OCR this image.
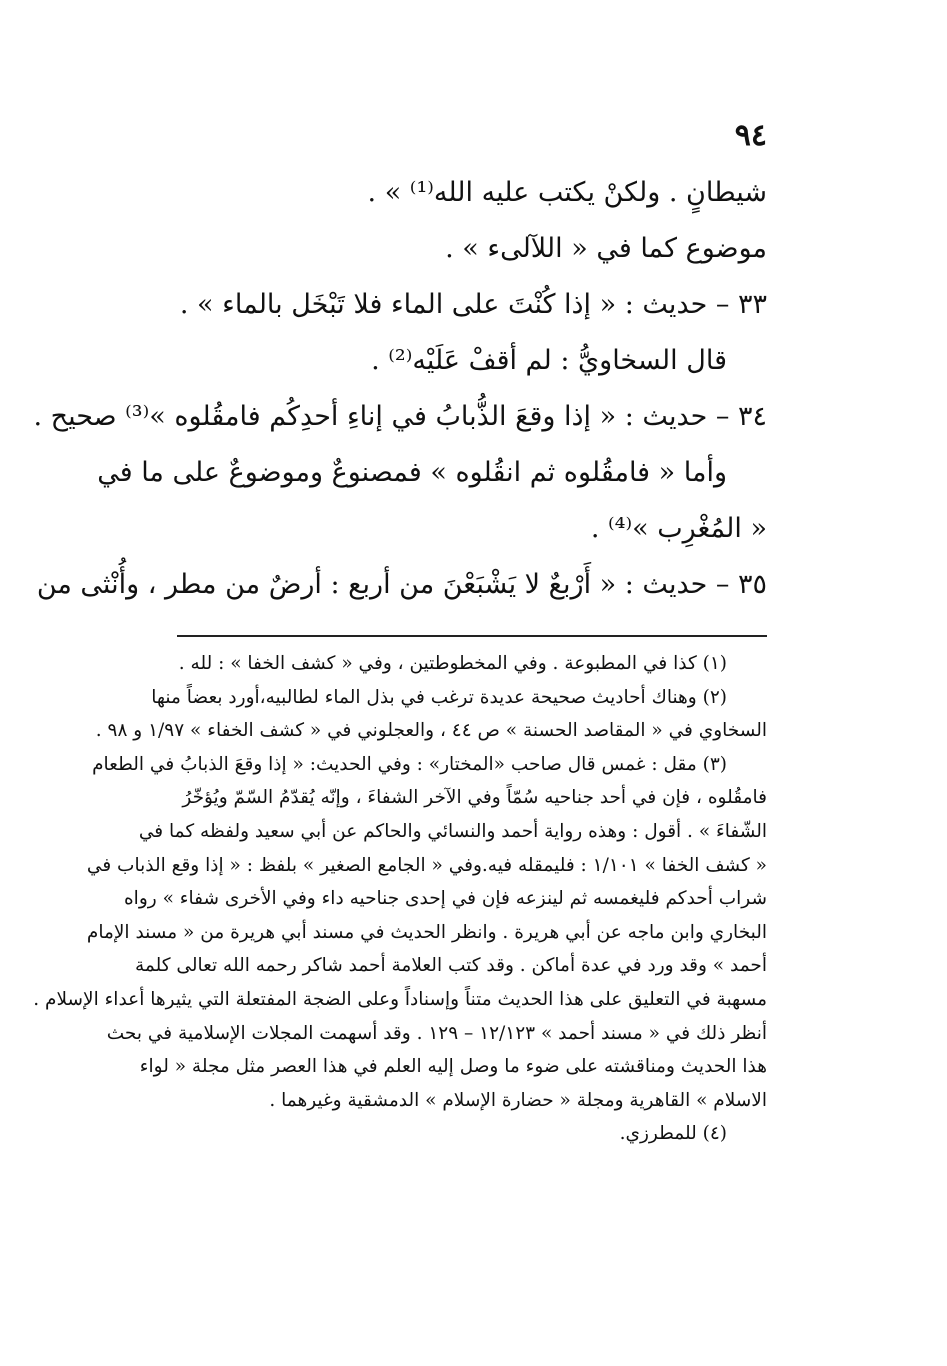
٩٤
شيطانٍ . ولكنْ يكتب عليه الله⁽¹⁾ » .
موضوع كما في « اللآلىء » .
٣٣ – حديث : « إذا كُنْتَ على الماء فلا تَبْخَل بالماء » .
قال السخاويُّ : لم أقفْ عَلَيْه⁽²⁾ .
٣٤ – حديث : « إذا وقعَ الذُّبابُ في إناءِ أحدِكُم فامقُلوه »⁽³⁾ صحيح .
وأما « فامقُلوه ثم انقُلوه » فمصنوعٌ وموضوعٌ على ما في
« المُغْرِب »⁽⁴⁾ .
٣٥ – حديث : « أَرْبعٌ لا يَشْبَعْنَ من أربع : أرضٌ من مطر ، وأُنْثى من
(١) كذا في المطبوعة . وفي المخطوطتين ، وفي « كشف الخفا » : لله .
(٢) وهناك أحاديث صحيحة عديدة ترغب في بذل الماء لطالبيه،أورد بعضاً منها
السخاوي في « المقاصد الحسنة » ص ٤٤ ، والعجلوني في « كشف الخفاء » ١/٩٧ و ٩٨ .
(٣) مقل : غمس قال صاحب «المختار» : وفي الحديث: « إذا وقعَ الذبابُ في الطعام
فامقُلوه ، فإن في أحد جناحيه سُمّاً وفي الآخر الشفاءَ ، وإنّه يُقدّمُ السّمّ ويُؤخّرُ
الشّفاءَ » . أقول : وهذه رواية أحمد والنسائي والحاكم عن أبي سعيد ولفظه كما في
« كشف الخفا » ١/١٠١ : فليمقله فيه.وفي « الجامع الصغير » بلفظ : « إذا وقع الذباب في
شراب أحدكم فليغمسه ثم لينزعه فإن في إحدى جناحيه داء وفي الأخرى شفاء » رواه
البخاري وابن ماجه عن أبي هريرة . وانظر الحديث في مسند أبي هريرة من « مسند الإمام
أحمد » وقد ورد في عدة أماكن . وقد كتب العلامة أحمد شاكر رحمه الله تعالى كلمة
مسهبة في التعليق على هذا الحديث متناً وإسناداً وعلى الضجة المفتعلة التي يثيرها أعداء الإسلام .
أنظر ذلك في « مسند أحمد » ١٢/١٢٣ – ١٢٩ . وقد أسهمت المجلات الإسلامية في بحث
هذا الحديث ومناقشته على ضوء ما وصل إليه العلم في هذا العصر مثل مجلة « لواء
الاسلام » القاهرية ومجلة « حضارة الإسلام » الدمشقية وغيرهما .
(٤) للمطرزي.
